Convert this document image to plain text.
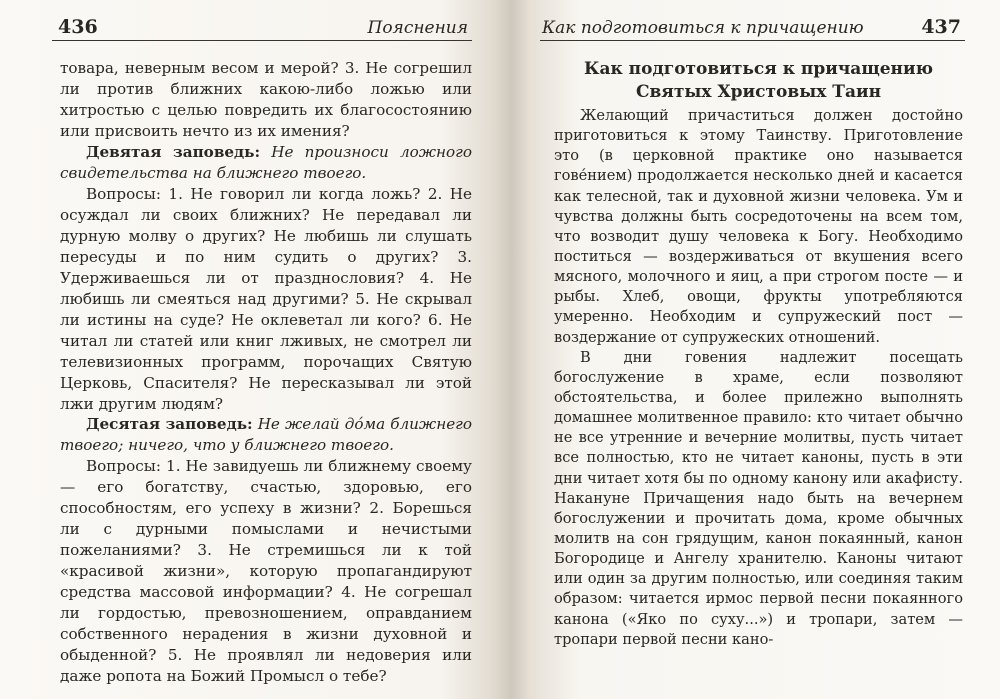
436	Пояснения

товара, неверным весом и мерой? 3. Не согрешил ли против ближних какою-либо ложью или хитростью с целью повредить их благосостоянию или присвоить нечто из их имения?

Девятая заповедь: Не произноси ложного свидетельства на ближнего твоего.

Вопросы: 1. Не говорил ли когда ложь? 2. Не осуждал ли своих ближних? Не передавал ли дурную молву о других? Не любишь ли слушать пересуды и по ним судить о других? 3. Удерживаешься ли от празднословия? 4. Не любишь ли смеяться над другими? 5. Не скрывал ли истины на суде? Не оклеветал ли кого? 6. Не читал ли статей или книг лживых, не смотрел ли телевизионных программ, порочащих Святую Церковь, Спасителя? Не пересказывал ли этой лжи другим людям?

Десятая заповедь: Не желай до́ма ближнего твоего; ничего, что у ближнего твоего.

Вопросы: 1. Не завидуешь ли ближнему своему — его богатству, счастью, здоровью, его способностям, его успеху в жизни? 2. Борешься ли с дурными помыслами и нечистыми пожеланиями? 3. Не стремишься ли к той «красивой жизни», которую пропагандируют средства массовой информации? 4. Не согрешал ли гордостью, превозношением, оправданием собственного нерадения в жизни духовной и обыденной? 5. Не проявлял ли недоверия или даже ропота на Божий Промысл о тебе?

Как подготовиться к причащению	437
Как подготовиться к причащению
Святых Христовых Таин

Желающий причаститься должен достойно приготовиться к этому Таинству. Приготовление это (в церковной практике оно называется гове́нием) продолжается несколько дней и касается как телесной, так и духовной жизни человека. Ум и чувства должны быть сосредоточены на всем том, что возводит душу человека к Богу. Необходимо поститься — воздерживаться от вкушения всего мясного, молочного и яиц, а при строгом посте — и рыбы. Хлеб, овощи, фрукты употребляются умеренно. Необходим и супружеский пост — воздержание от супружеских отношений.

В дни говения надлежит посещать богослужение в храме, если позволяют обстоятельства, и более прилежно выполнять домашнее молитвенное правило: кто читает обычно не все утренние и вечерние молитвы, пусть читает все полностью, кто не читает каноны, пусть в эти дни читает хотя бы по одному канону или акафисту. Накануне Причащения надо быть на вечернем богослужении и прочитать дома, кроме обычных молитв на сон грядущим, канон покаянный, канон Богородице и Ангелу хранителю. Каноны читают или один за другим полностью, или соединяя таким образом: читается ирмос первой песни покаянного канона («Яко по суху...») и тропари, затем — тропари первой песни кано-
